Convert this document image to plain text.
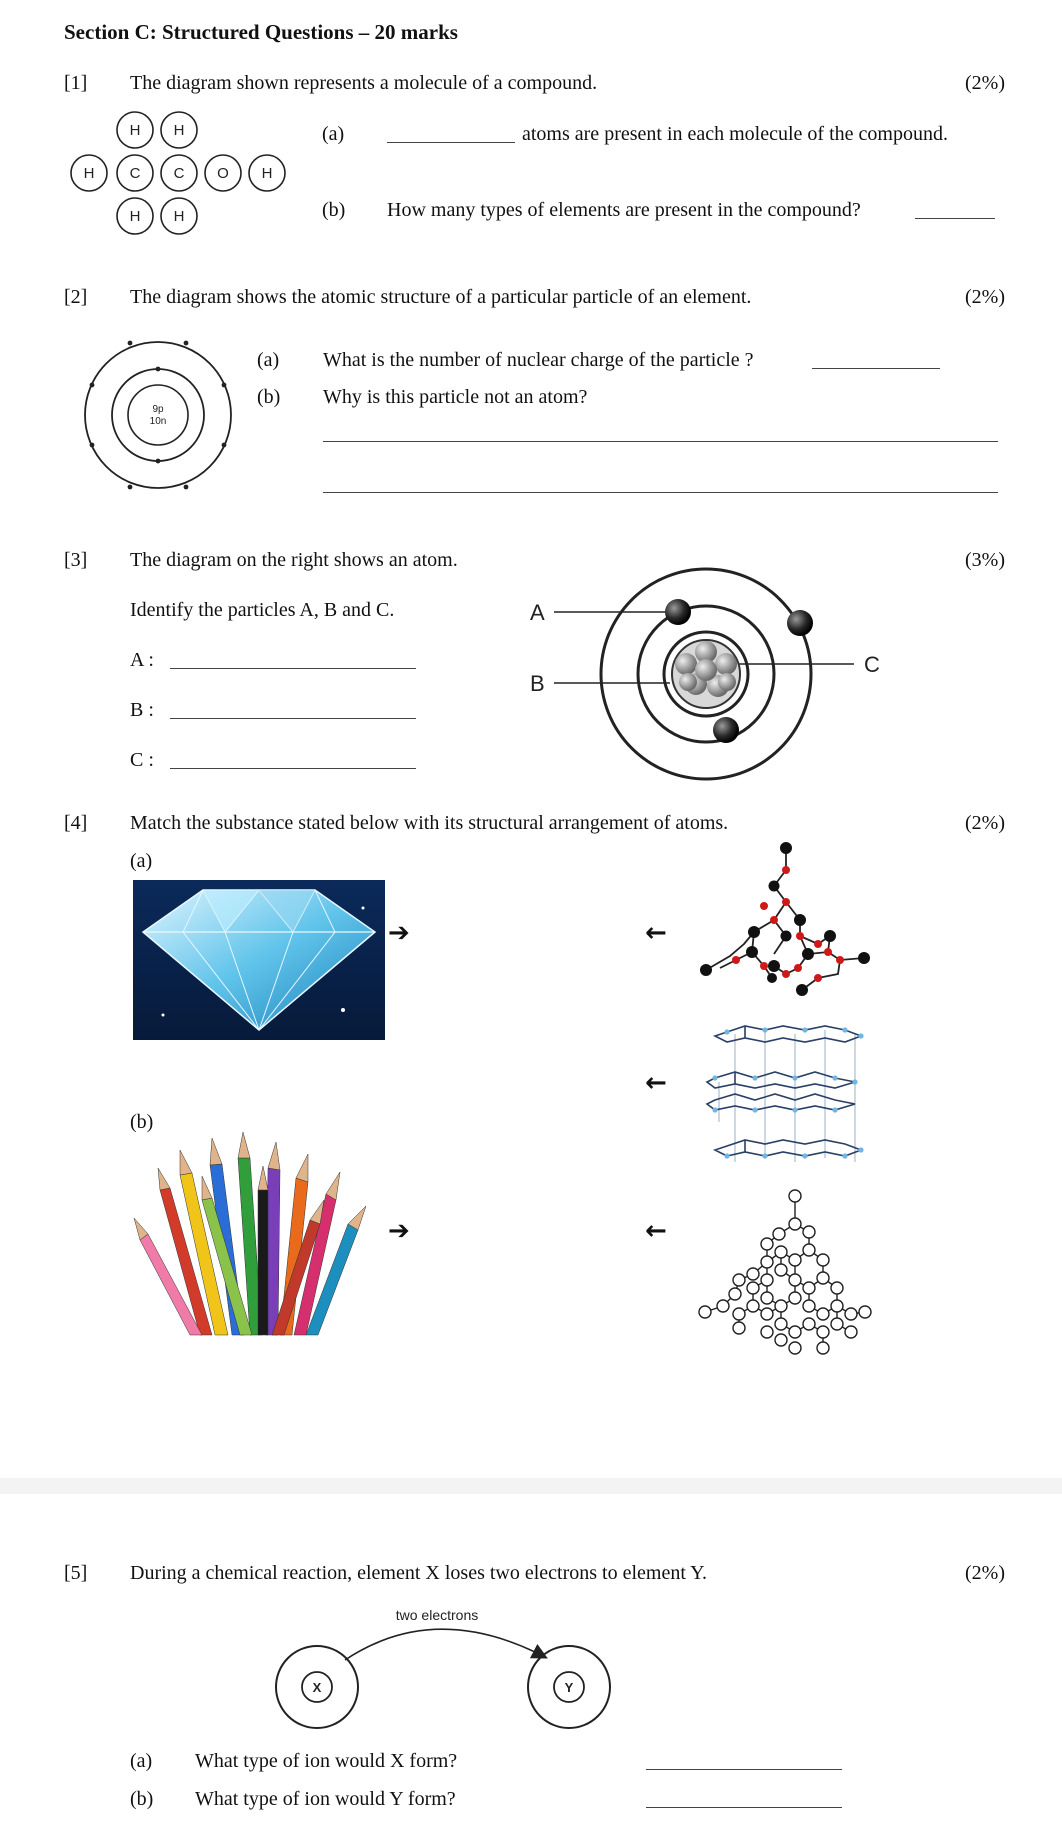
Section C: Structured Questions – 20 marks
[1] The diagram shown represents a molecule of a compound.	(2%)
H H
H C C O H
H H
(a)	atoms are present in each molecule of the compound.
(b) How many types of elements are present in the compound?
[2] The diagram shows the atomic structure of a particular particle of an element.	(2%)
9p
10n
(a) What is the number of nuclear charge of the particle ?
(b) Why is this particle not an atom?
[3] The diagram on the right shows an atom.	(3%)
Identify the particles A, B and C.
A :
B :
C :
A
B
C
[4] Match the substance stated below with its structural arrangement of atoms.	(2%)
(a)
➔	←
←
←
(b)
➔
[5] During a chemical reaction, element X loses two electrons to element Y.	(2%)
two electrons
X	Y
(a) What type of ion would X form?
(b) What type of ion would Y form?
